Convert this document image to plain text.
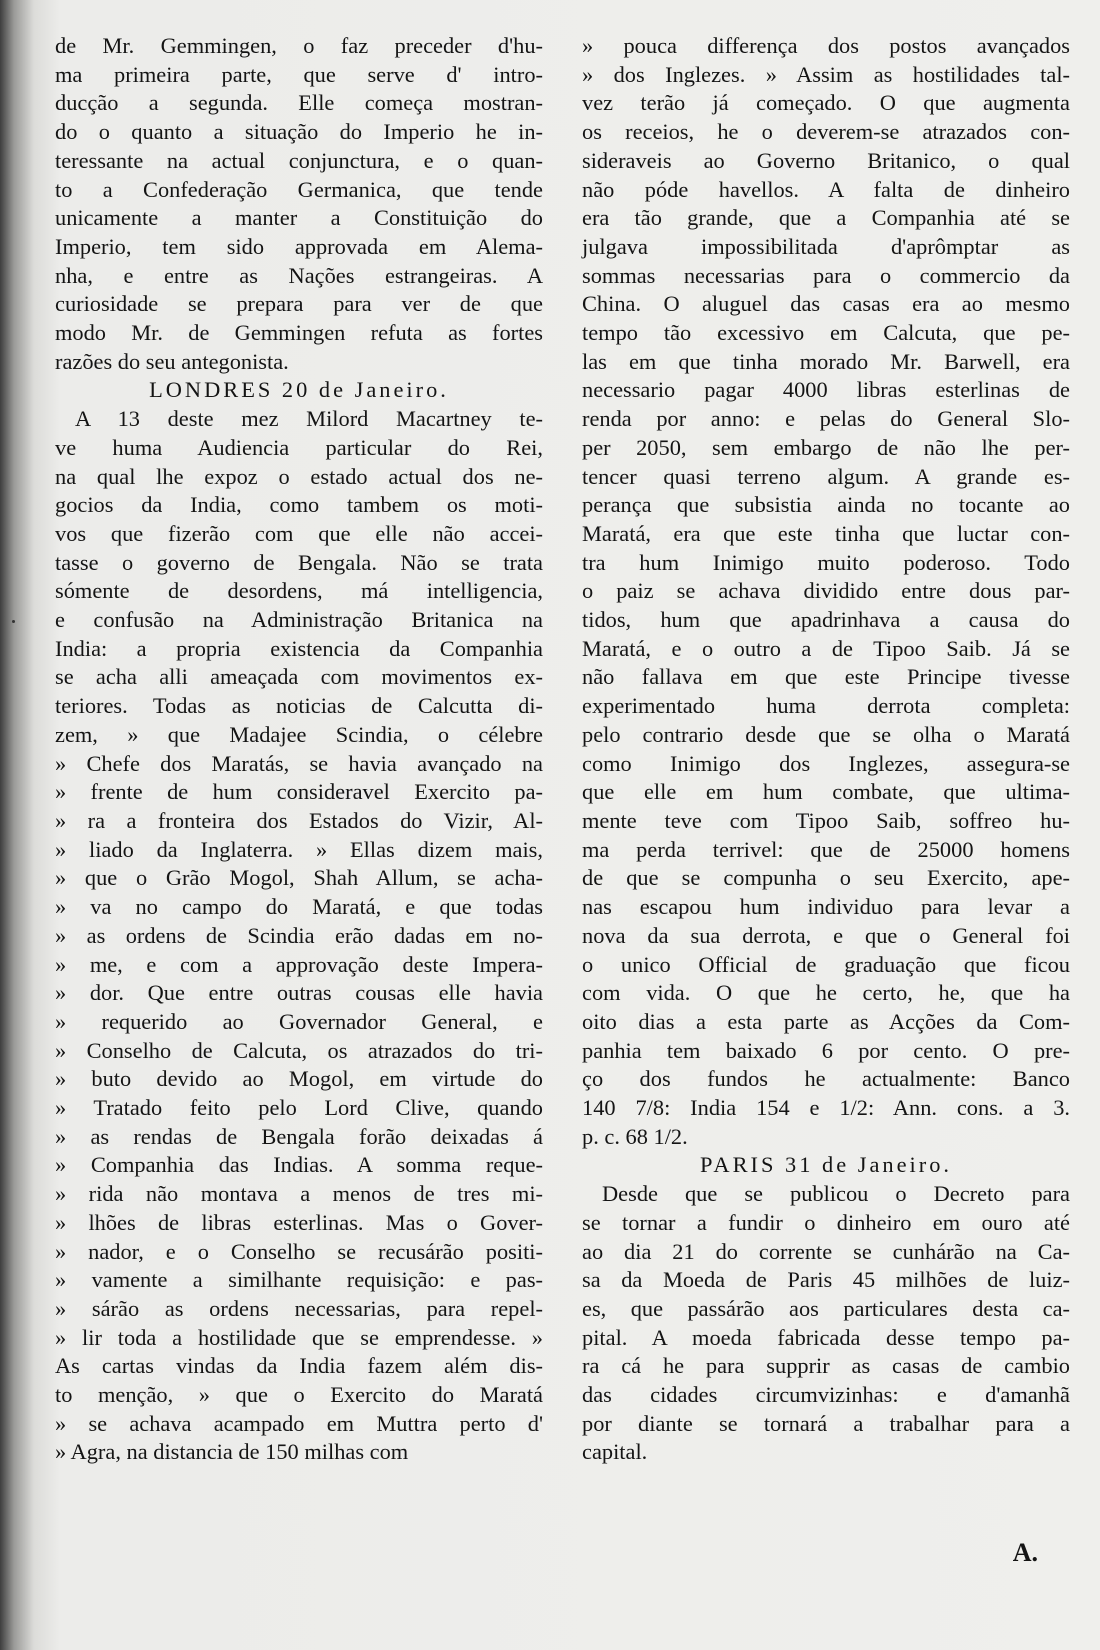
de Mr. Gemmingen, o faz preceder d'hu-
ma primeira parte, que serve d' intro-
ducção a segunda. Elle começa mostran-
do o quanto a situação do Imperio he in-
teressante na actual conjunctura, e o quan-
to a Confederação Germanica, que tende
unicamente a manter a Constituição do
Imperio, tem sido approvada em Alema-
nha, e entre as Nações estrangeiras. A
curiosidade se prepara para ver de que
modo Mr. de Gemmingen refuta as fortes
razões do seu antegonista.

LONDRES 20 de Janeiro.

A 13 deste mez Milord Macartney te-
ve huma Audiencia particular do Rei,
na qual lhe expoz o estado actual dos ne-
gocios da India, como tambem os moti-
vos que fizerão com que elle não accei-
tasse o governo de Bengala. Não se trata
sómente de desordens, má intelligencia,
e confusão na Administração Britanica na
India: a propria existencia da Companhia
se acha alli ameaçada com movimentos ex-
teriores. Todas as noticias de Calcutta di-
zem, » que Madajee Scindia, o célebre
» Chefe dos Maratás, se havia avançado na
» frente de hum consideravel Exercito pa-
» ra a fronteira dos Estados do Vizir, Al-
» liado da Inglaterra. » Ellas dizem mais,
» que o Grão Mogol, Shah Allum, se acha-
» va no campo do Maratá, e que todas
» as ordens de Scindia erão dadas em no-
» me, e com a approvação deste Impera-
» dor. Que entre outras cousas elle havia
» requerido ao Governador General, e
» Conselho de Calcuta, os atrazados do tri-
» buto devido ao Mogol, em virtude do
» Tratado feito pelo Lord Clive, quando
» as rendas de Bengala forão deixadas á
» Companhia das Indias. A somma reque-
» rida não montava a menos de tres mi-
» lhões de libras esterlinas. Mas o Gover-
» nador, e o Conselho se recusárão positi-
» vamente a similhante requisição: e pas-
» sárão as ordens necessarias, para repel-
» lir toda a hostilidade que se emprendesse. »
As cartas vindas da India fazem além dis-
to menção, » que o Exercito do Maratá
» se achava acampado em Muttra perto d'
» Agra, na distancia de 150 milhas com
» pouca differença dos postos avançados
» dos Inglezes. » Assim as hostilidades tal-
vez terão já começado. O que augmenta
os receios, he o deverem-se atrazados con-
sideraveis ao Governo Britanico, o qual
não póde havellos. A falta de dinheiro
era tão grande, que a Companhia até se
julgava impossibilitada d'aprômptar as
sommas necessarias para o commercio da
China. O aluguel das casas era ao mesmo
tempo tão excessivo em Calcuta, que pe-
las em que tinha morado Mr. Barwell, era
necessario pagar 4000 libras esterlinas de
renda por anno: e pelas do General Slo-
per 2050, sem embargo de não lhe per-
tencer quasi terreno algum. A grande es-
perança que subsistia ainda no tocante ao
Maratá, era que este tinha que luctar con-
tra hum Inimigo muito poderoso. Todo
o paiz se achava dividido entre dous par-
tidos, hum que apadrinhava a causa do
Maratá, e o outro a de Tipoo Saib. Já se
não fallava em que este Principe tivesse
experimentado huma derrota completa:
pelo contrario desde que se olha o Maratá
como Inimigo dos Inglezes, assegura-se
que elle em hum combate, que ultima-
mente teve com Tipoo Saib, soffreo hu-
ma perda terrivel: que de 25000 homens
de que se compunha o seu Exercito, ape-
nas escapou hum individuo para levar a
nova da sua derrota, e que o General foi
o unico Official de graduação que ficou
com vida. O que he certo, he, que ha
oito dias a esta parte as Acções da Com-
panhia tem baixado 6 por cento. O pre-
ço dos fundos he actualmente: Banco
140 7/8: India 154 e 1/2: Ann. cons. a 3.
p. c. 68 1/2.

PARIS 31 de Janeiro.

Desde que se publicou o Decreto para
se tornar a fundir o dinheiro em ouro até
ao dia 21 do corrente se cunhárão na Ca-
sa da Moeda de Paris 45 milhões de luiz-
es, que passárão aos particulares desta ca-
pital. A moeda fabricada desse tempo pa-
ra cá he para supprir as casas de cambio
das cidades circumvizinhas: e d'amanhã
por diante se tornará a trabalhar para a
capital.
A.
